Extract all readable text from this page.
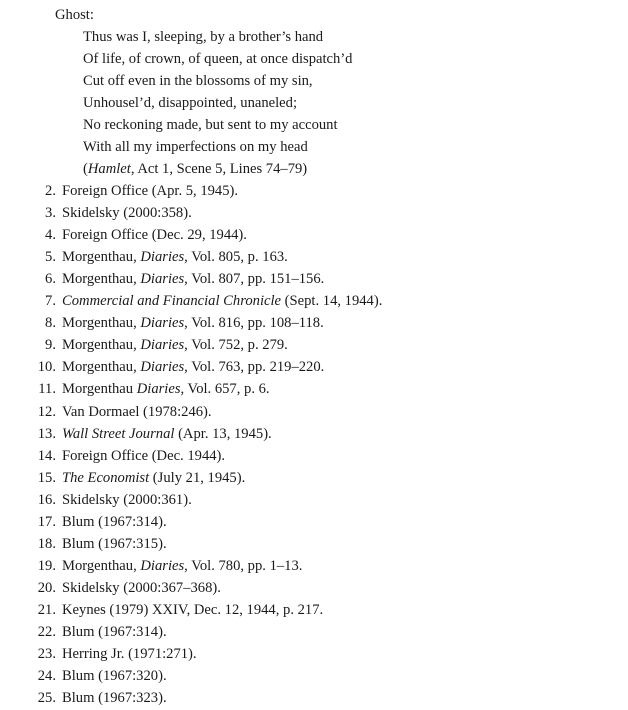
Ghost:
Thus was I, sleeping, by a brother’s hand
Of life, of crown, of queen, at once dispatch’d
Cut off even in the blossoms of my sin,
Unhousel’d, disappointed, unaneled;
No reckoning made, but sent to my account
With all my imperfections on my head
(Hamlet, Act 1, Scene 5, Lines 74–79)
2. Foreign Office (Apr. 5, 1945).
3. Skidelsky (2000:358).
4. Foreign Office (Dec. 29, 1944).
5. Morgenthau, Diaries, Vol. 805, p. 163.
6. Morgenthau, Diaries, Vol. 807, pp. 151–156.
7. Commercial and Financial Chronicle (Sept. 14, 1944).
8. Morgenthau, Diaries, Vol. 816, pp. 108–118.
9. Morgenthau, Diaries, Vol. 752, p. 279.
10. Morgenthau, Diaries, Vol. 763, pp. 219–220.
11. Morgenthau Diaries, Vol. 657, p. 6.
12. Van Dormael (1978:246).
13. Wall Street Journal (Apr. 13, 1945).
14. Foreign Office (Dec. 1944).
15. The Economist (July 21, 1945).
16. Skidelsky (2000:361).
17. Blum (1967:314).
18. Blum (1967:315).
19. Morgenthau, Diaries, Vol. 780, pp. 1–13.
20. Skidelsky (2000:367–368).
21. Keynes (1979) XXIV, Dec. 12, 1944, p. 217.
22. Blum (1967:314).
23. Herring Jr. (1971:271).
24. Blum (1967:320).
25. Blum (1967:323).
